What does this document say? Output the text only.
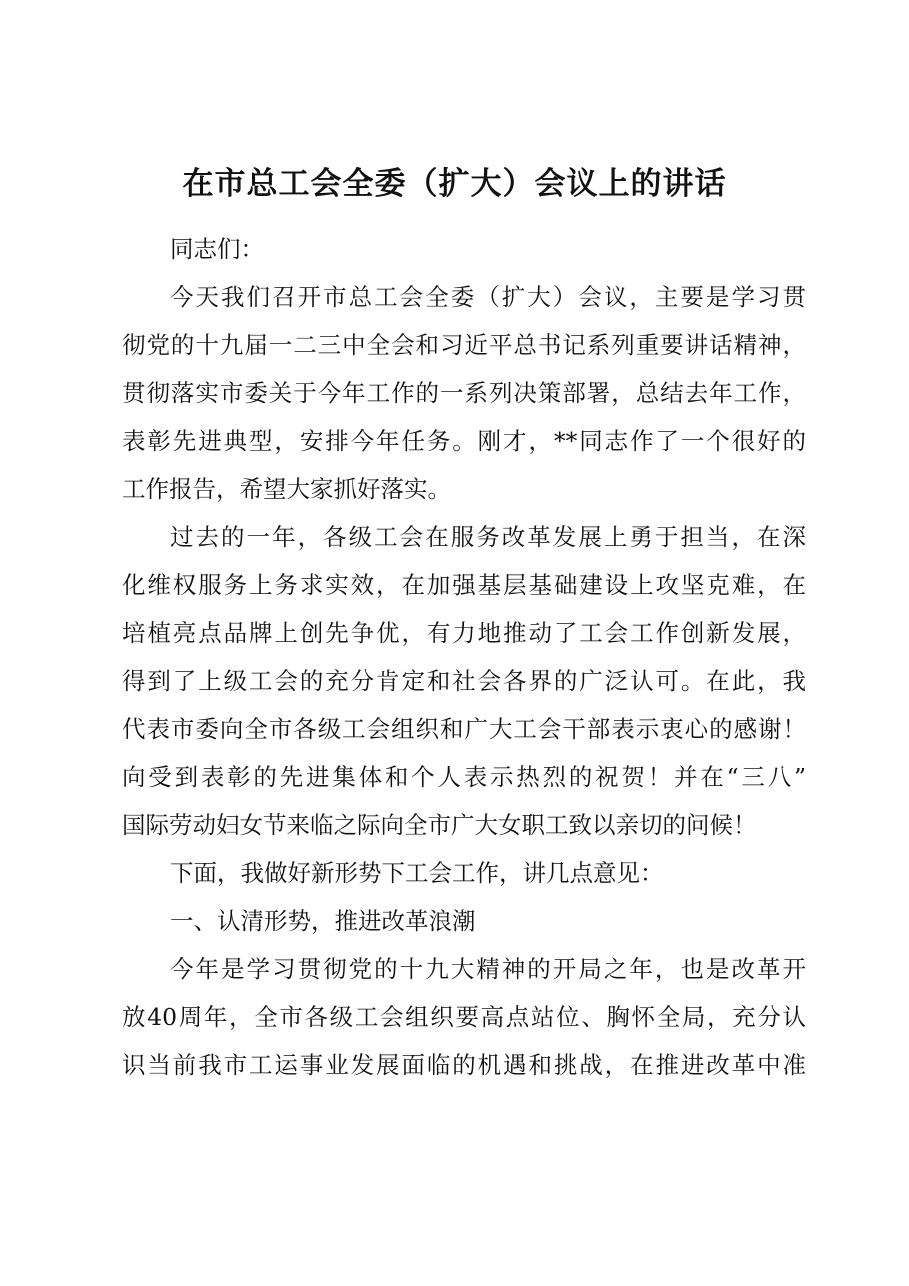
在市总工会全委（扩大）会议上的讲话
同志们：
今天我们召开市总工会全委（扩大）会议，主要是学习贯
彻党的十九届一二三中全会和习近平总书记系列重要讲话精神，
贯彻落实市委关于今年工作的一系列决策部署，总结去年工作，
表彰先进典型，安排今年任务。刚才，**同志作了一个很好的
工作报告，希望大家抓好落实。
过去的一年，各级工会在服务改革发展上勇于担当，在深
化维权服务上务求实效，在加强基层基础建设上攻坚克难，在
培植亮点品牌上创先争优，有力地推动了工会工作创新发展，
得到了上级工会的充分肯定和社会各界的广泛认可。在此，我
代表市委向全市各级工会组织和广大工会干部表示衷心的感谢！
向受到表彰的先进集体和个人表示热烈的祝贺！并在“三八”
国际劳动妇女节来临之际向全市广大女职工致以亲切的问候！
下面，我做好新形势下工会工作，讲几点意见：
一、认清形势，推进改革浪潮
今年是学习贯彻党的十九大精神的开局之年，也是改革开
放40周年，全市各级工会组织要高点站位、胸怀全局，充分认
识当前我市工运事业发展面临的机遇和挑战，在推进改革中准
